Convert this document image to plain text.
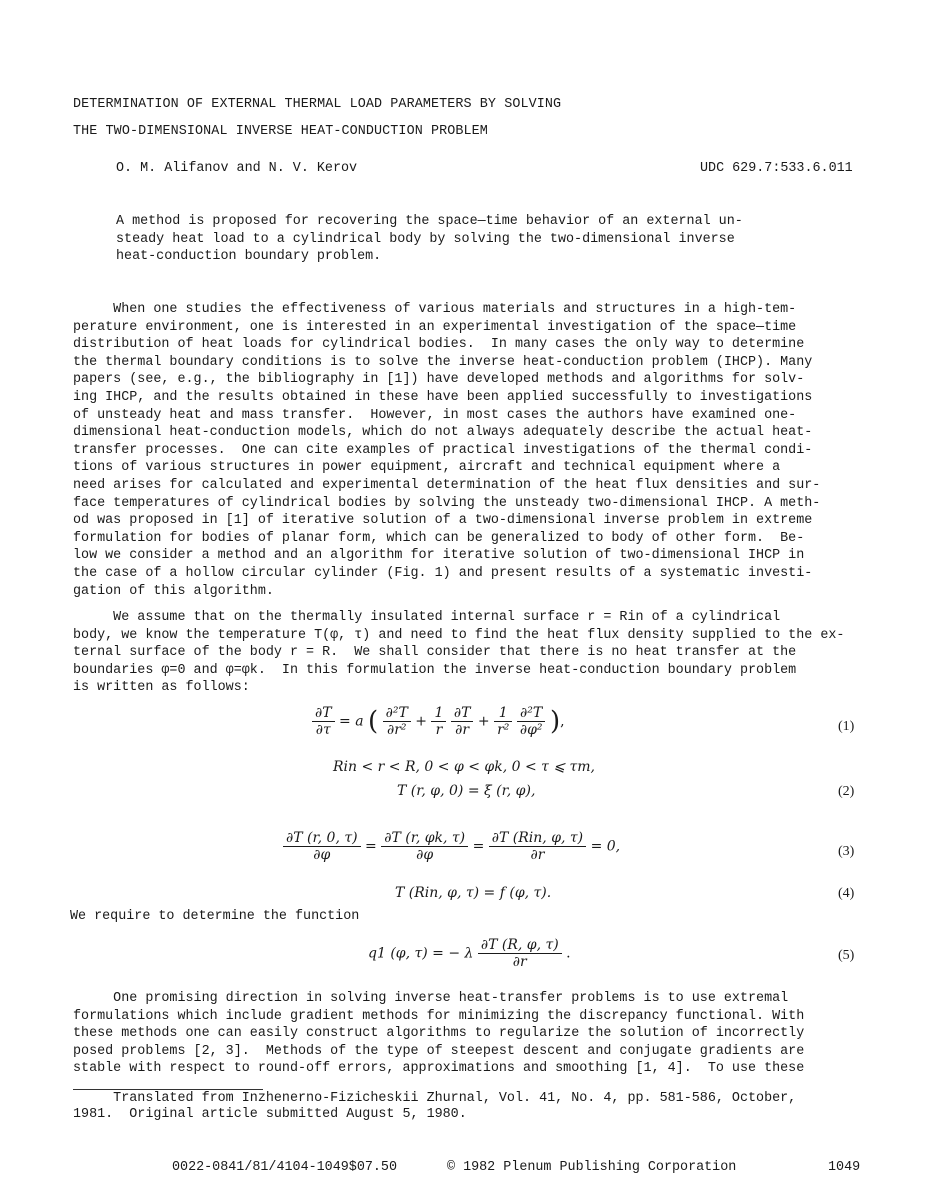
DETERMINATION OF EXTERNAL THERMAL LOAD PARAMETERS BY SOLVING
THE TWO-DIMENSIONAL INVERSE HEAT-CONDUCTION PROBLEM
O. M. Alifanov and N. V. Kerov	UDC 629.7:533.6.011
A method is proposed for recovering the space—time behavior of an external un-
steady heat load to a cylindrical body by solving the two-dimensional inverse
heat-conduction boundary problem.
When one studies the effectiveness of various materials and structures in a high-tem-
perature environment, one is interested in an experimental investigation of the space—time
distribution of heat loads for cylindrical bodies.  In many cases the only way to determine
the thermal boundary conditions is to solve the inverse heat-conduction problem (IHCP). Many
papers (see, e.g., the bibliography in [1]) have developed methods and algorithms for solv-
ing IHCP, and the results obtained in these have been applied successfully to investigations
of unsteady heat and mass transfer.  However, in most cases the authors have examined one-
dimensional heat-conduction models, which do not always adequately describe the actual heat-
transfer processes.  One can cite examples of practical investigations of the thermal condi-
tions of various structures in power equipment, aircraft and technical equipment where a
need arises for calculated and experimental determination of the heat flux densities and sur-
face temperatures of cylindrical bodies by solving the unsteady two-dimensional IHCP. A meth-
od was proposed in [1] of iterative solution of a two-dimensional inverse problem in extreme
formulation for bodies of planar form, which can be generalized to body of other form.  Be-
low we consider a method and an algorithm for iterative solution of two-dimensional IHCP in
the case of a hollow circular cylinder (Fig. 1) and present results of a systematic investi-
gation of this algorithm.
We assume that on the thermally insulated internal surface r = Rin of a cylindrical
body, we know the temperature T(φ, τ) and need to find the heat flux density supplied to the ex-
ternal surface of the body r = R.  We shall consider that there is no heat transfer at the
boundaries φ=0 and φ=φk.  In this formulation the inverse heat-conduction boundary problem
is written as follows:
$\frac{\partial T}{\partial\tau} = a$ ( $\frac{\text{∂²T}}{\text{∂r²}} + \frac{1}{r}$
$\frac{\partial T}{\partial r} + \frac{1}{\text{r²}}$
$\frac{\text{∂²T}}{\text{∂φ²}}$ ),	(1)
Rin < r < R, 0 < φ < φk, 0 < τ ⩽ τm,
T (r, φ, 0) = ξ (r, φ),	(2)
$\frac{\partial T (r, 0, \tau)}{\partial\varphi} = \frac{\partial T (r, \varphi k, \tau)}{\partial\varphi} = \frac{\text{∂T (Rin, φ, τ)}}{\partial r} = 0$,	(3)
T (Rin, φ, τ) = f (φ, τ).	(4)
We require to determine the function
q1 (φ, τ) = − λ $\frac{\partial T (R, \varphi, \tau)}{\partial r}$ .	(5)
One promising direction in solving inverse heat-transfer problems is to use extremal
formulations which include gradient methods for minimizing the discrepancy functional. With
these methods one can easily construct algorithms to regularize the solution of incorrectly
posed problems [2, 3].  Methods of the type of steepest descent and conjugate gradients are
stable with respect to round-off errors, approximations and smoothing [1, 4].  To use these
Translated from Inzhenerno-Fizicheskii Zhurnal, Vol. 41, No. 4, pp. 581-586, October,
1981.  Original article submitted August 5, 1980.
0022-0841/81/4104-1049$07.50	© 1982 Plenum Publishing Corporation	1049
